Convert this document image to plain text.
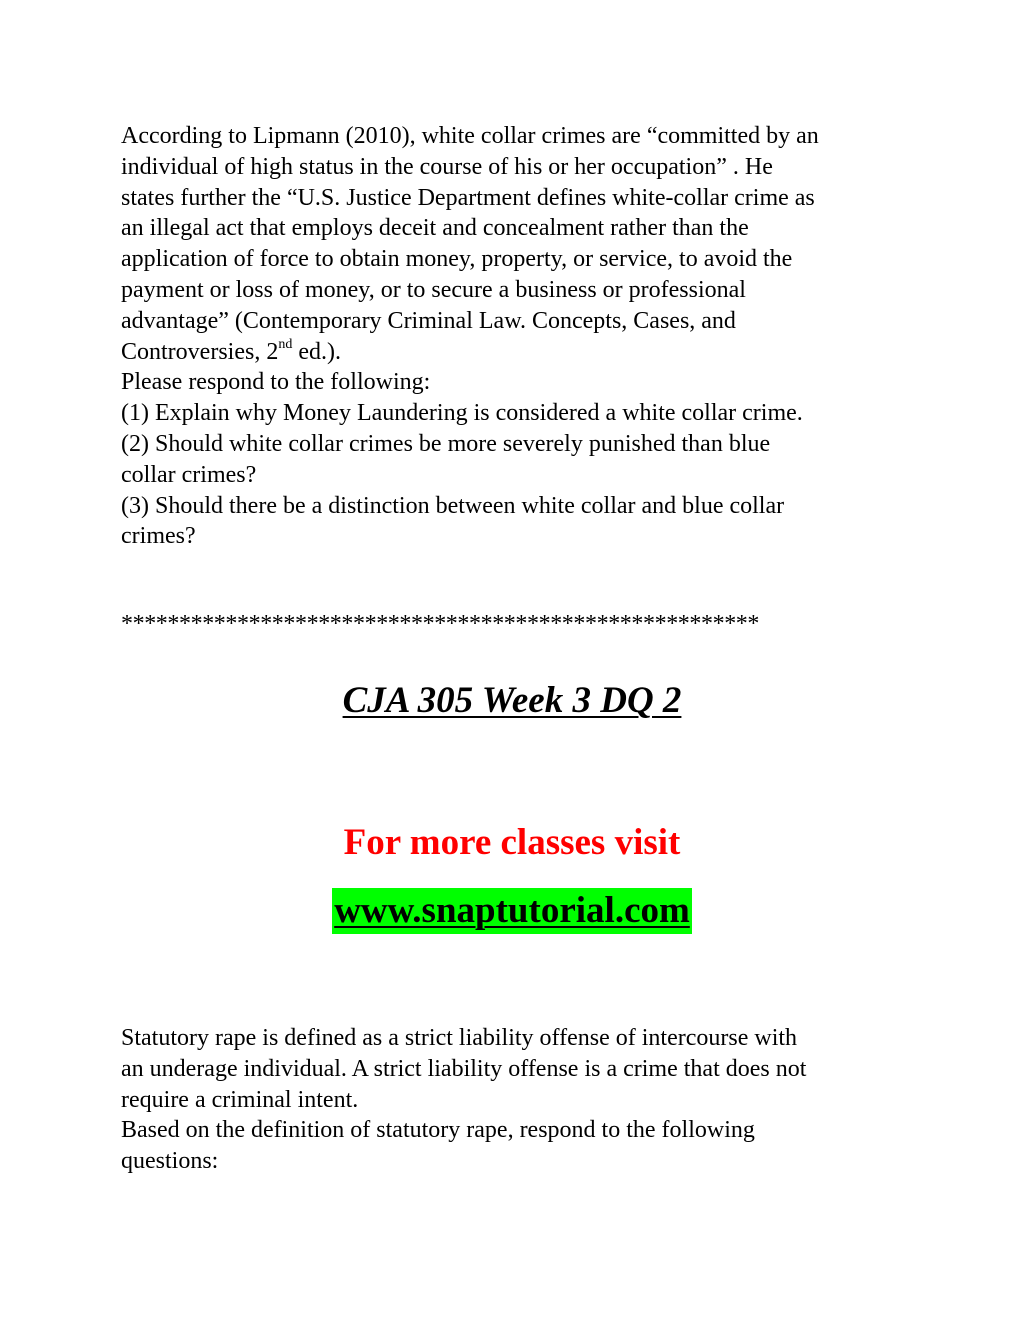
According to Lipmann (2010), white collar crimes are “committed by an
individual of high status in the course of his or her occupation” . He
states further the “U.S. Justice Department defines white-collar crime as
an illegal act that employs deceit and concealment rather than the
application of force to obtain money, property, or service, to avoid the
payment or loss of money, or to secure a business or professional
advantage” (Contemporary Criminal Law. Concepts, Cases, and
Controversies, 2nd ed.).
Please respond to the following:
(1) Explain why Money Laundering is considered a white collar crime.
(2) Should white collar crimes be more severely punished than blue
collar crimes?
(3) Should there be a distinction between white collar and blue collar
crimes?
*******************************************************
CJA 305 Week 3 DQ 2
For more classes visit
www.snaptutorial.com
Statutory rape is defined as a strict liability offense of intercourse with
an underage individual. A strict liability offense is a crime that does not
require a criminal intent.
Based on the definition of statutory rape, respond to the following
questions:
